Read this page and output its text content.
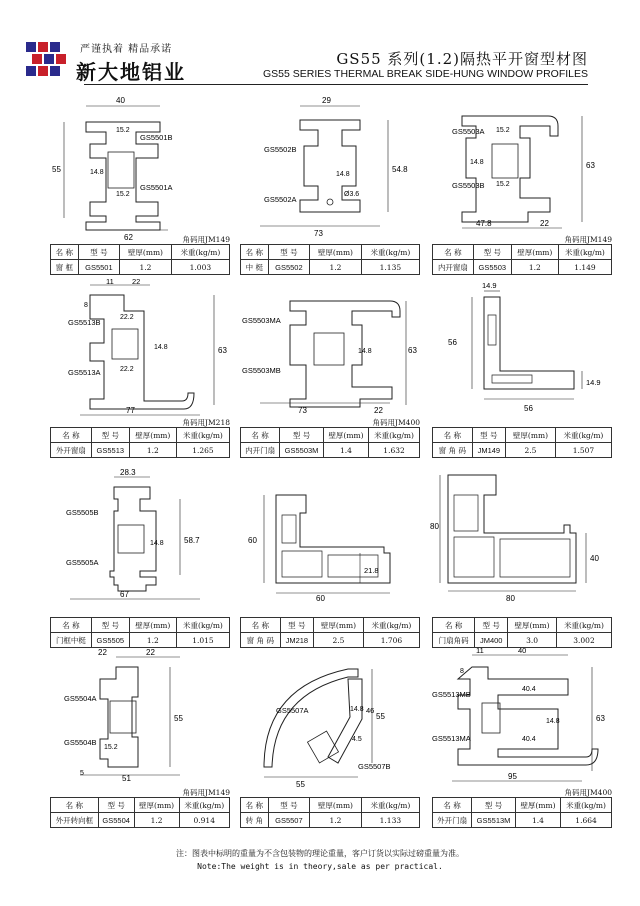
严谨执着 精品承诺
新大地铝业
GS55 系列(1.2)隔热平开窗型材图
GS55 SERIES THERMAL BREAK SIDE-HUNG WINDOW PROFILES
40
15.2
55	14.8
15.2
62
GS5501B
GS5501A
角码用JM149
名 称	型 号	壁厚(mm)	米重(kg/m)
窗 框	GS5501	1.2	1.003
29
14.8
54.8
Ø3.6
73
GS5502B
GS5502A
名 称	型 号	壁厚(mm)	米重(kg/m)
中 梃	GS5502	1.2	1.135
15.2
14.8
15.2
63
47.8	22
GS5503A
GS5503B
角码用JM149
名 称	型 号	壁厚(mm)	米重(kg/m)
内开窗扇	GS5503	1.2	1.149
11 22
8
22.2
14.8
22.2
63
77
GS5513B
GS5513A
角码用JM218
名 称	型 号	壁厚(mm)	米重(kg/m)
外开窗扇	GS5513	1.2	1.265
14.8	63
73	22
GS5503MA
GS5503MB
角码用JM400
名 称	型 号	壁厚(mm)	米重(kg/m)
内开门扇	GS5503M	1.4	1.632
14.9
56
14.9
56
名 称	型 号	壁厚(mm)	米重(kg/m)
窗 角 码	JM149	2.5	1.507
28.3
14.8	58.7
67
GS5505B
GS5505A
名 称	型 号	壁厚(mm)	米重(kg/m)
门框中梃	GS5505	1.2	1.015
60
21.8
60
名 称	型 号	壁厚(mm)	米重(kg/m)
窗 角 码	JM218	2.5	1.706
80
40
80
名 称	型 号	壁厚(mm)	米重(kg/m)
门扇角码	JM400	3.0	3.002
22	22
55
15.2
5
51
GS5504A
GS5504B
角码用JM149
名 称	型 号	壁厚(mm)	米重(kg/m)
外开转向框	GS5504	1.2	0.914
14.8 46
55
4.5
55
GS5507A
GS5507B
名 称	型 号	壁厚(mm)	米重(kg/m)
转 角	GS5507	1.2	1.133
11	40
8
40.4
14.8
40.4
63
95
GS5513MB
GS5513MA
角码用JM400
名 称	型 号	壁厚(mm)	米重(kg/m)
外开门扇	GS5513M	1.4	1.664
注：图表中标明的重量为不含包装物的理论重量，客户订货以实际过磅重量为准。
Note:The weight is in theory,sale as per practical.
